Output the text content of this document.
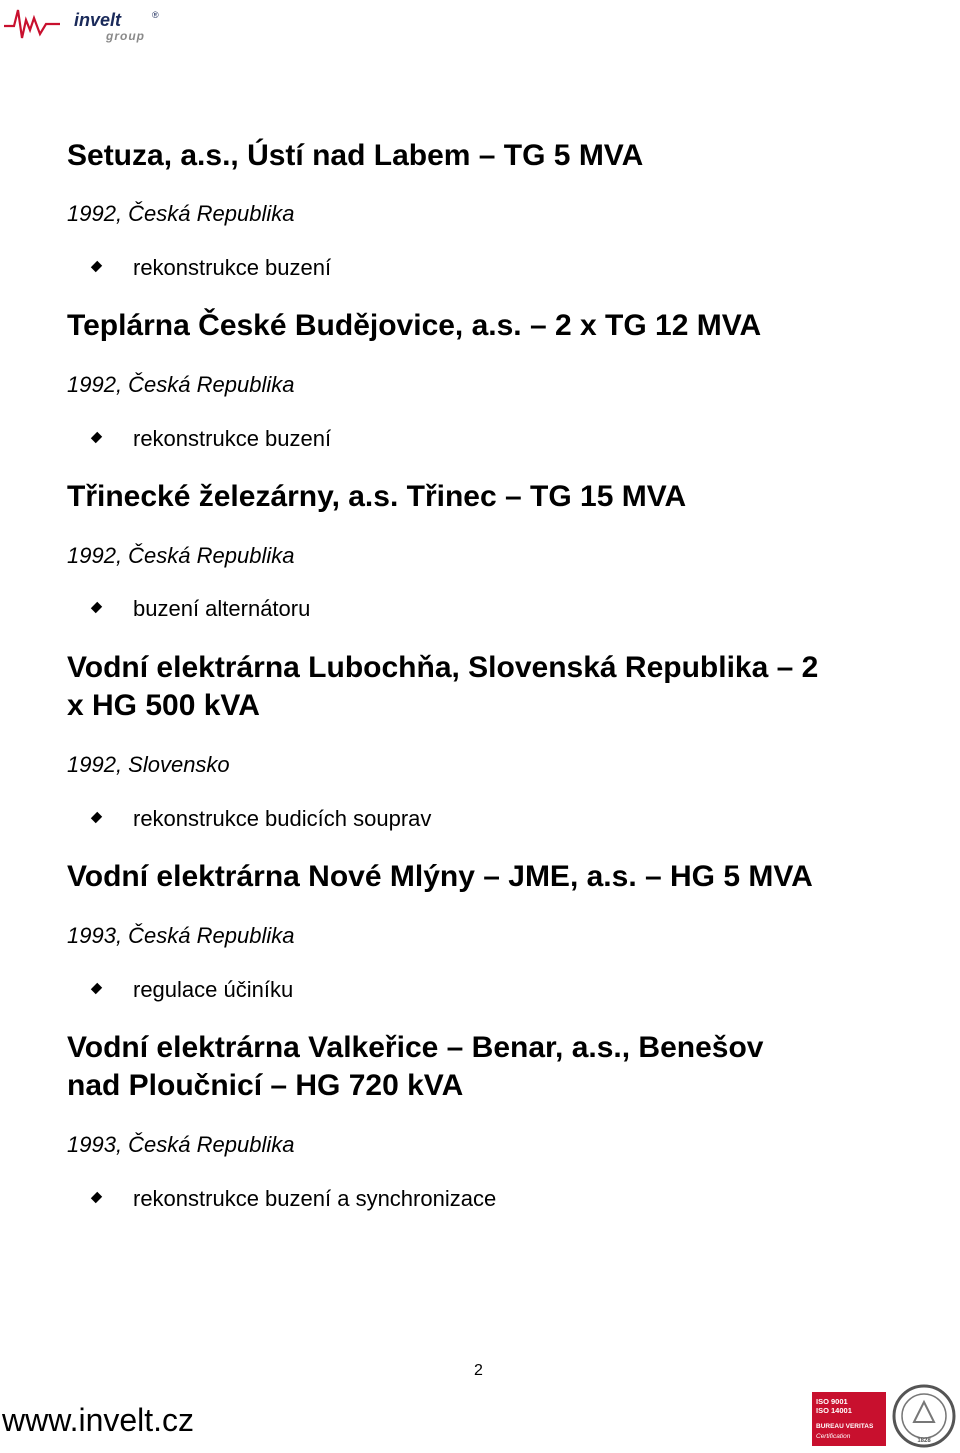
invelt	®
group
Setuza, a.s., Ústí nad Labem – TG 5 MVA
1992, Česká Republika
rekonstrukce buzení
Teplárna České Budějovice, a.s. – 2 x TG 12 MVA
1992, Česká Republika
rekonstrukce buzení
Třinecké železárny, a.s. Třinec – TG 15 MVA
1992, Česká Republika
buzení alternátoru
Vodní elektrárna Lubochňa, Slovenská Republika – 2
x HG 500 kVA
1992, Slovensko
rekonstrukce budicích souprav
Vodní elektrárna Nové Mlýny – JME, a.s. – HG 5 MVA
1993, Česká Republika
regulace účiníku
Vodní elektrárna Valkeřice – Benar, a.s., Benešov
nad Ploučnicí – HG 720 kVA
1993, Česká Republika
rekonstrukce buzení a synchronizace
2
www.invelt.cz
ISO 9001
ISO 14001
BUREAU VERITAS
Certification
1828
